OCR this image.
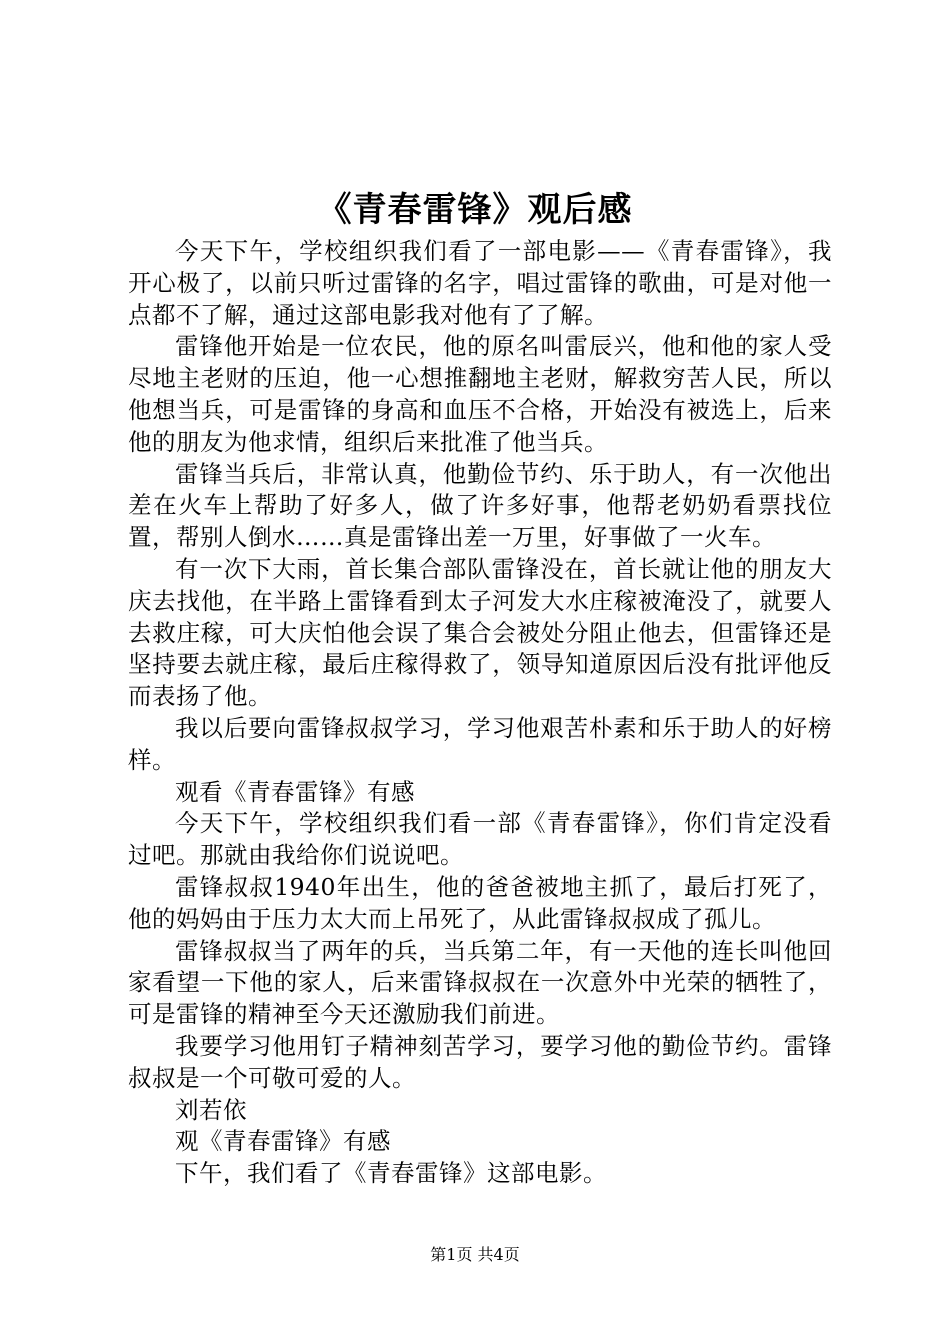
《青春雷锋》观后感

今天下午，学校组织我们看了一部电影——《青春雷锋》，我开心极了，以前只听过雷锋的名字，唱过雷锋的歌曲，可是对他一点都不了解，通过这部电影我对他有了了解。

雷锋他开始是一位农民，他的原名叫雷辰兴，他和他的家人受尽地主老财的压迫，他一心想推翻地主老财，解救穷苦人民，所以他想当兵，可是雷锋的身高和血压不合格，开始没有被选上，后来他的朋友为他求情，组织后来批准了他当兵。

雷锋当兵后，非常认真，他勤俭节约、乐于助人，有一次他出差在火车上帮助了好多人，做了许多好事，他帮老奶奶看票找位置，帮别人倒水……真是雷锋出差一万里，好事做了一火车。

有一次下大雨，首长集合部队雷锋没在，首长就让他的朋友大庆去找他，在半路上雷锋看到太子河发大水庄稼被淹没了，就要人去救庄稼，可大庆怕他会误了集合会被处分阻止他去，但雷锋还是坚持要去就庄稼，最后庄稼得救了，领导知道原因后没有批评他反而表扬了他。

我以后要向雷锋叔叔学习，学习他艰苦朴素和乐于助人的好榜样。

观看《青春雷锋》有感

今天下午，学校组织我们看一部《青春雷锋》，你们肯定没看过吧。那就由我给你们说说吧。

雷锋叔叔1940年出生，他的爸爸被地主抓了，最后打死了，他的妈妈由于压力太大而上吊死了，从此雷锋叔叔成了孤儿。

雷锋叔叔当了两年的兵，当兵第二年，有一天他的连长叫他回家看望一下他的家人，后来雷锋叔叔在一次意外中光荣的牺牲了，可是雷锋的精神至今天还激励我们前进。

我要学习他用钉子精神刻苦学习，要学习他的勤俭节约。雷锋叔叔是一个可敬可爱的人。

刘若依

观《青春雷锋》有感

下午，我们看了《青春雷锋》这部电影。

第1页 共4页
